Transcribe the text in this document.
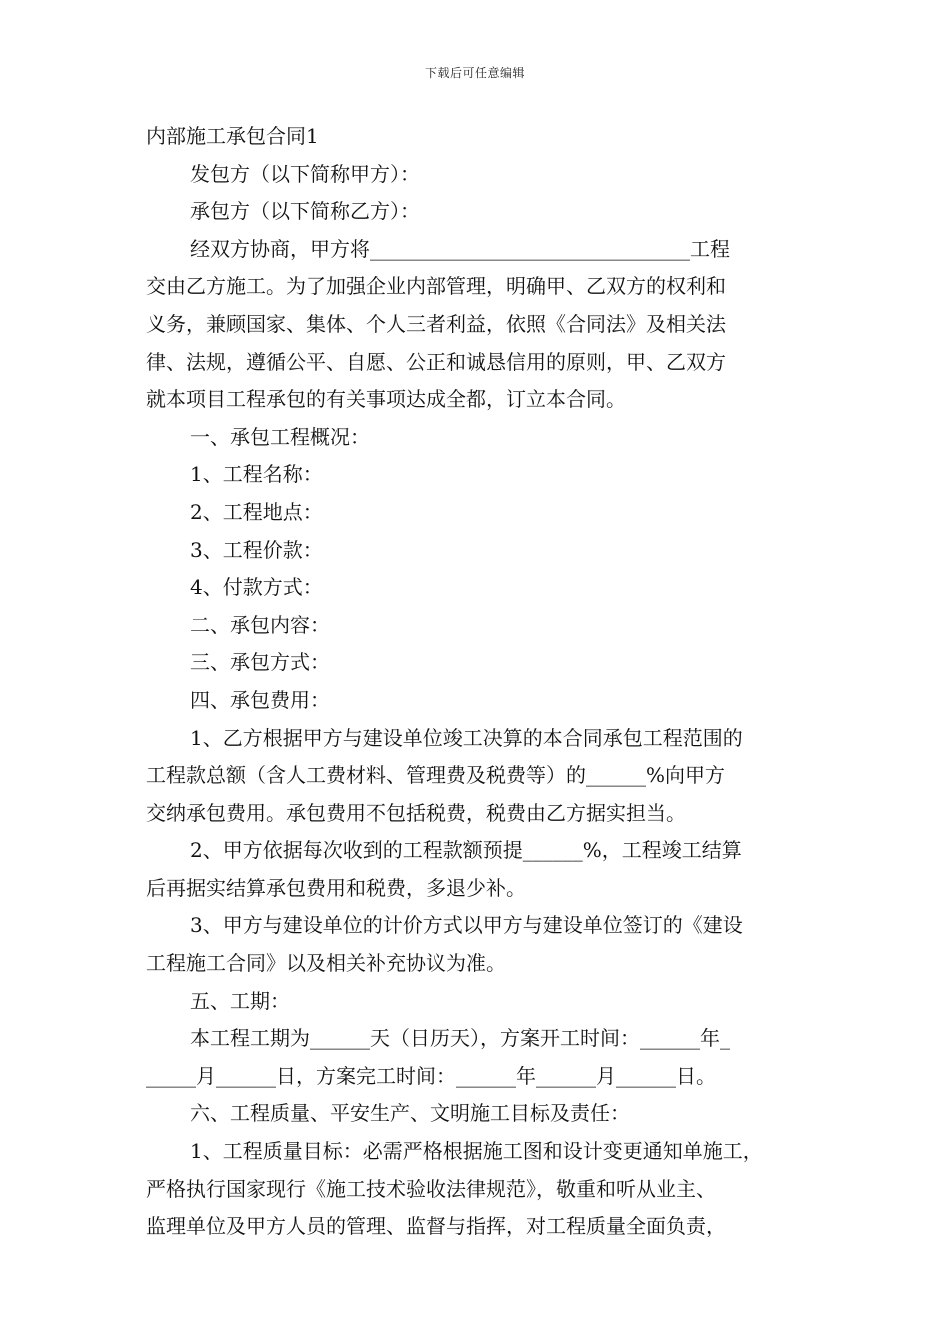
下载后可任意编辑
内部施工承包合同1
发包方（以下简称甲方）：
承包方（以下简称乙方）：
经双方协商，甲方将________________________________工程
交由乙方施工。为了加强企业内部管理，明确甲、乙双方的权利和
义务，兼顾国家、集体、个人三者利益，依照《合同法》及相关法
律、法规，遵循公平、自愿、公正和诚恳信用的原则，甲、乙双方
就本项目工程承包的有关事项达成全都，订立本合同。
一、承包工程概况：
1、工程名称：
2、工程地点：
3、工程价款：
4、付款方式：
二、承包内容：
三、承包方式：
四、承包费用：
1、乙方根据甲方与建设单位竣工决算的本合同承包工程范围的
工程款总额（含人工费材料、管理费及税费等）的______%向甲方
交纳承包费用。承包费用不包括税费，税费由乙方据实担当。
2、甲方依据每次收到的工程款额预提______%，工程竣工结算
后再据实结算承包费用和税费，多退少补。
3、甲方与建设单位的计价方式以甲方与建设单位签订的《建设
工程施工合同》以及相关补充协议为准。
五、工期：
本工程工期为______天（日历天），方案开工时间：______年_
_____月______日，方案完工时间：______年______月______日。
六、工程质量、平安生产、文明施工目标及责任：
1、工程质量目标：必需严格根据施工图和设计变更通知单施工，
严格执行国家现行《施工技术验收法律规范》，敬重和听从业主、
监理单位及甲方人员的管理、监督与指挥，对工程质量全面负责，
